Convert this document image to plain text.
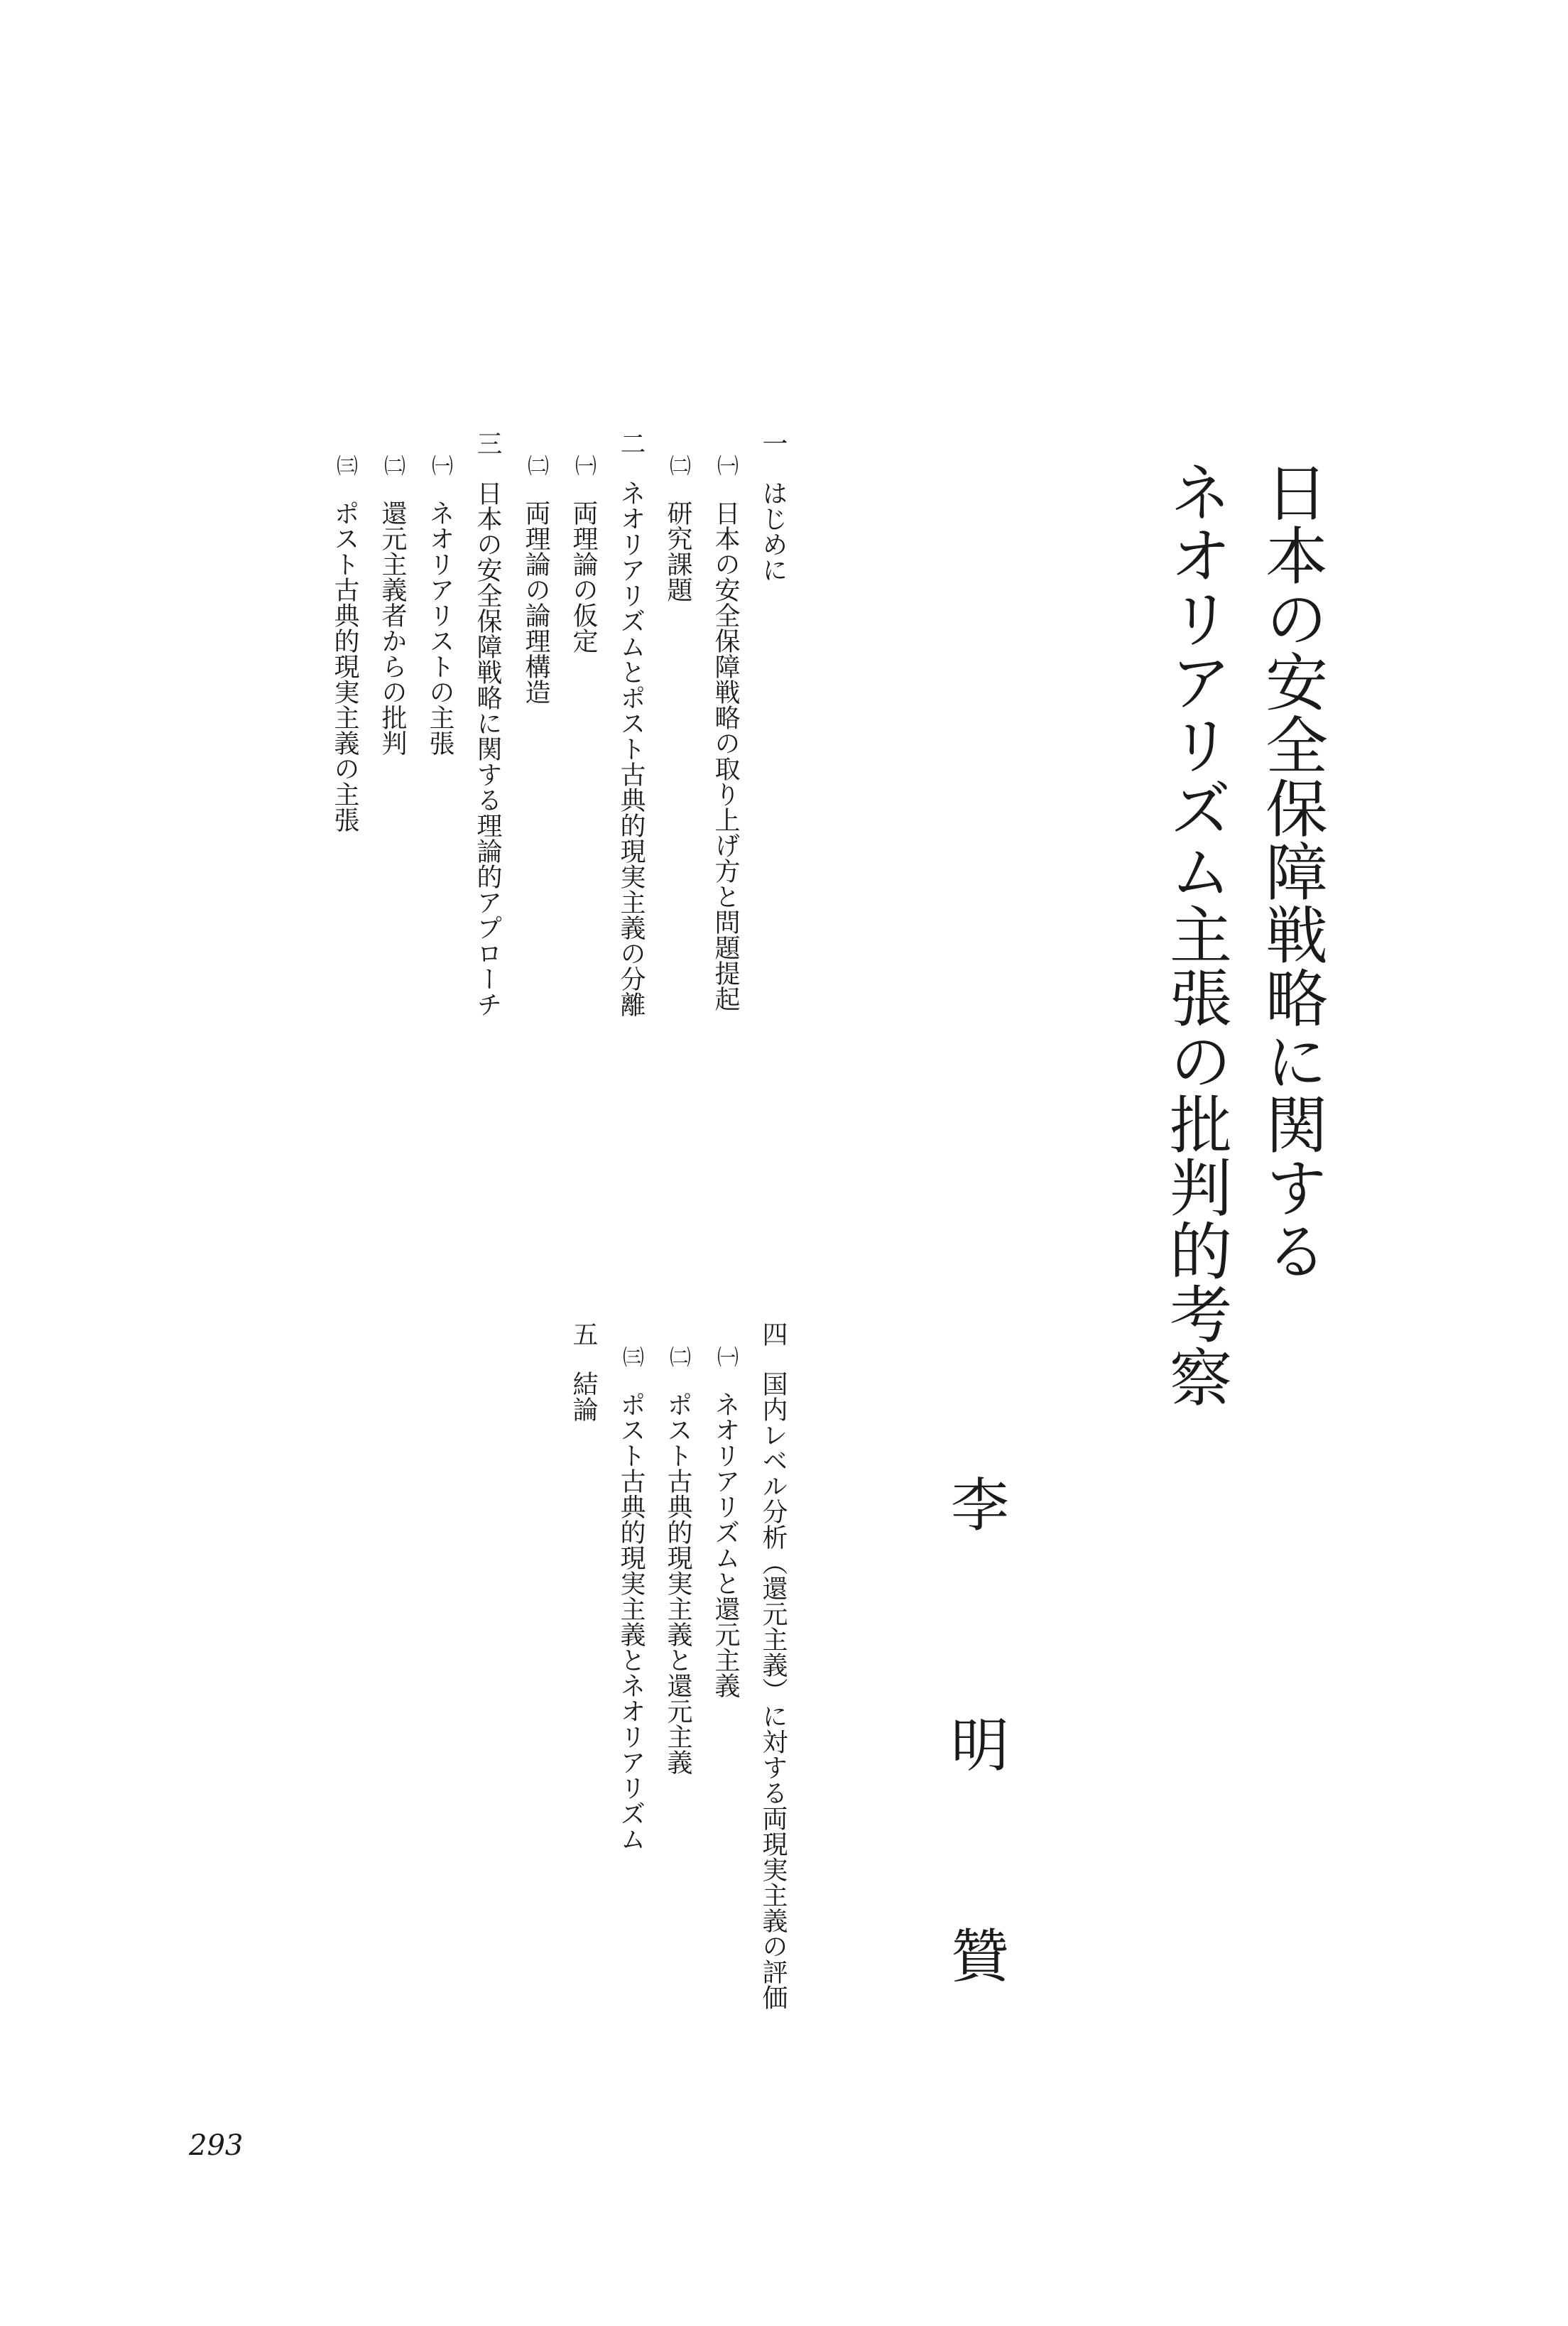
日本の安全保障戦略に関する
ネオリアリズム主張の批判的考察
李
明
贊
一はじめに
㈠日本の安全保障戦略の取り上げ方と問題提起
㈡研究課題
二ネオリアリズムとポスト古典的現実主義の分離
㈠両理論の仮定
㈡両理論の論理構造
三日本の安全保障戦略に関する理論的アプローチ
㈠ネオリアリストの主張
㈡還元主義者からの批判
㈢ポスト古典的現実主義の主張
四国内レベル分析（還元主義）に対する両現実主義の評価
㈠ネオリアリズムと還元主義
㈡ポスト古典的現実主義と還元主義
㈢ポスト古典的現実主義とネオリアリズム
五結論
293
